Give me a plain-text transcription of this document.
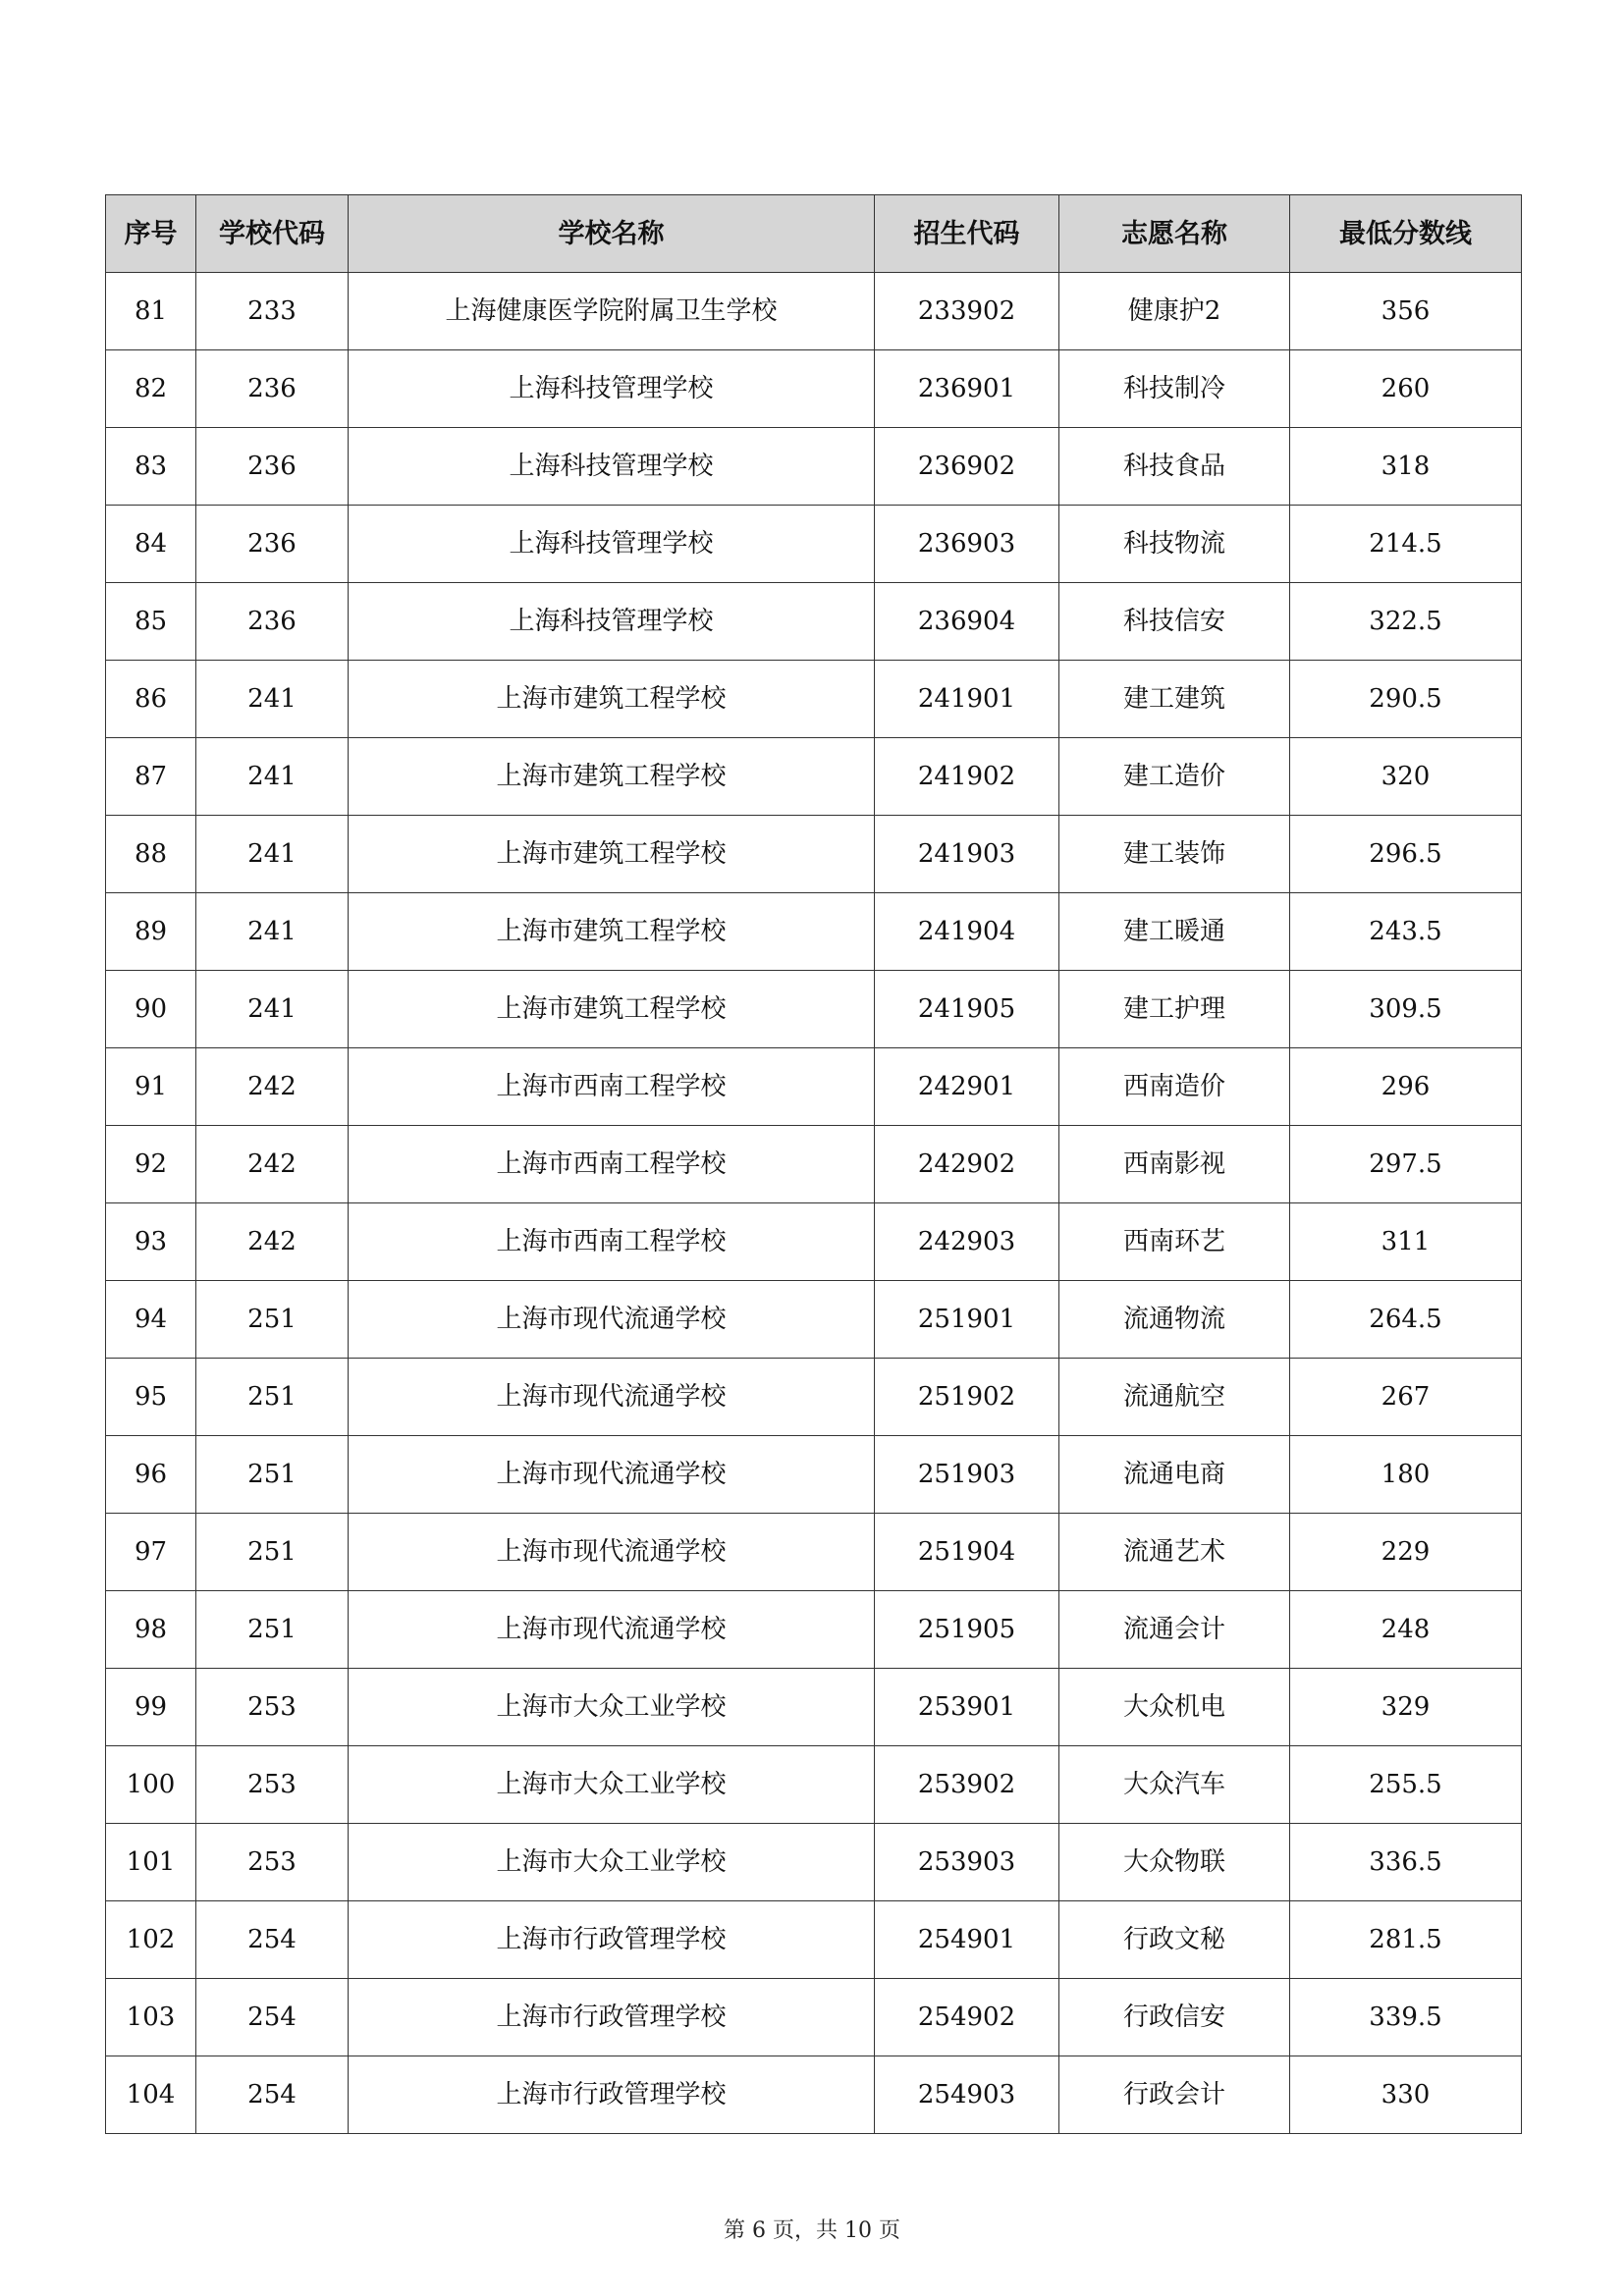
序号	学校代码	学校名称	招生代码	志愿名称	最低分数线
81	233	上海健康医学院附属卫生学校	233902	健康护2	356
82	236	上海科技管理学校	236901	科技制冷	260
83	236	上海科技管理学校	236902	科技食品	318
84	236	上海科技管理学校	236903	科技物流	214.5
85	236	上海科技管理学校	236904	科技信安	322.5
86	241	上海市建筑工程学校	241901	建工建筑	290.5
87	241	上海市建筑工程学校	241902	建工造价	320
88	241	上海市建筑工程学校	241903	建工装饰	296.5
89	241	上海市建筑工程学校	241904	建工暖通	243.5
90	241	上海市建筑工程学校	241905	建工护理	309.5
91	242	上海市西南工程学校	242901	西南造价	296
92	242	上海市西南工程学校	242902	西南影视	297.5
93	242	上海市西南工程学校	242903	西南环艺	311
94	251	上海市现代流通学校	251901	流通物流	264.5
95	251	上海市现代流通学校	251902	流通航空	267
96	251	上海市现代流通学校	251903	流通电商	180
97	251	上海市现代流通学校	251904	流通艺术	229
98	251	上海市现代流通学校	251905	流通会计	248
99	253	上海市大众工业学校	253901	大众机电	329
100	253	上海市大众工业学校	253902	大众汽车	255.5
101	253	上海市大众工业学校	253903	大众物联	336.5
102	254	上海市行政管理学校	254901	行政文秘	281.5
103	254	上海市行政管理学校	254902	行政信安	339.5
104	254	上海市行政管理学校	254903	行政会计	330
第 6 页，共 10 页
